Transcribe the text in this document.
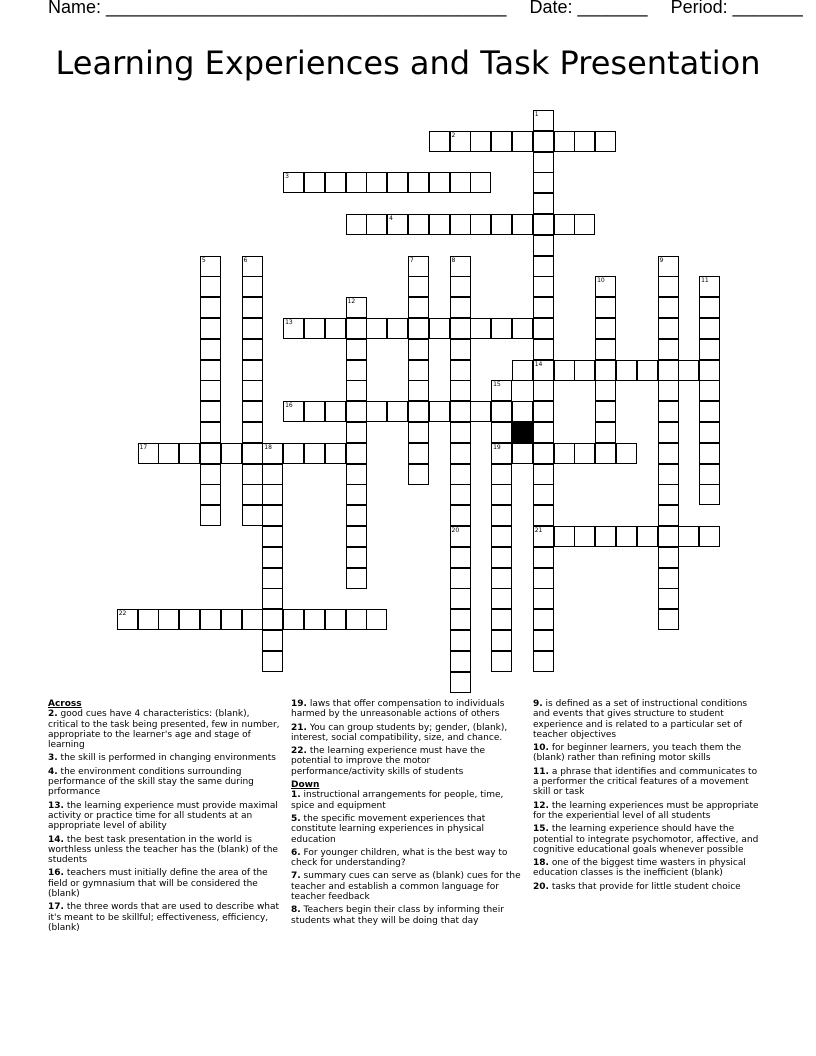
Name: ________________________________________ Date: _______ Period: _______
Learning Experiences and Task Presentation
1
2
3
4
5	6	7	8	9
10	11
12
13
14
15
16
17	18	19
20	21
22
Across
2. good cues have 4 characteristics: (blank), critical to the task being presented, few in number, appropriate to the learner's age and stage of learning
3. the skill is performed in changing environments
4. the environment conditions surrounding performance of the skill stay the same during prformance
13. the learning experience must provide maximal activity or practice time for all students at an appropriate level of ability
14. the best task presentation in the world is worthless unless the teacher has the (blank) of the students
16. teachers must initially define the area of the field or gymnasium that will be considered the (blank)
17. the three words that are used to describe what it's meant to be skillful; effectiveness, efficiency, (blank)
19. laws that offer compensation to individuals harmed by the unreasonable actions of others
21. You can group students by; gender, (blank), interest, social compatibility, size, and chance.
22. the learning experience must have the potential to improve the motor performance/activity skills of students
Down
1. instructional arrangements for people, time, spice and equipment
5. the specific movement experiences that constitute learning experiences in physical education
6. For younger children, what is the best way to check for understanding?
7. summary cues can serve as (blank) cues for the teacher and establish a common language for teacher feedback
8. Teachers begin their class by informing their students what they will be doing that day
9. is defined as a set of instructional conditions and events that gives structure to student experience and is related to a particular set of teacher objectives
10. for beginner learners, you teach them the (blank) rather than refining motor skills
11. a phrase that identifies and communicates to a performer the critical features of a movement skill or task
12. the learning experiences must be appropriate for the experiential level of all students
15. the learning experience should have the potential to integrate psychomotor, affective, and cognitive educational goals whenever possible
18. one of the biggest time wasters in physical education classes is the inefficient (blank)
20. tasks that provide for little student choice
